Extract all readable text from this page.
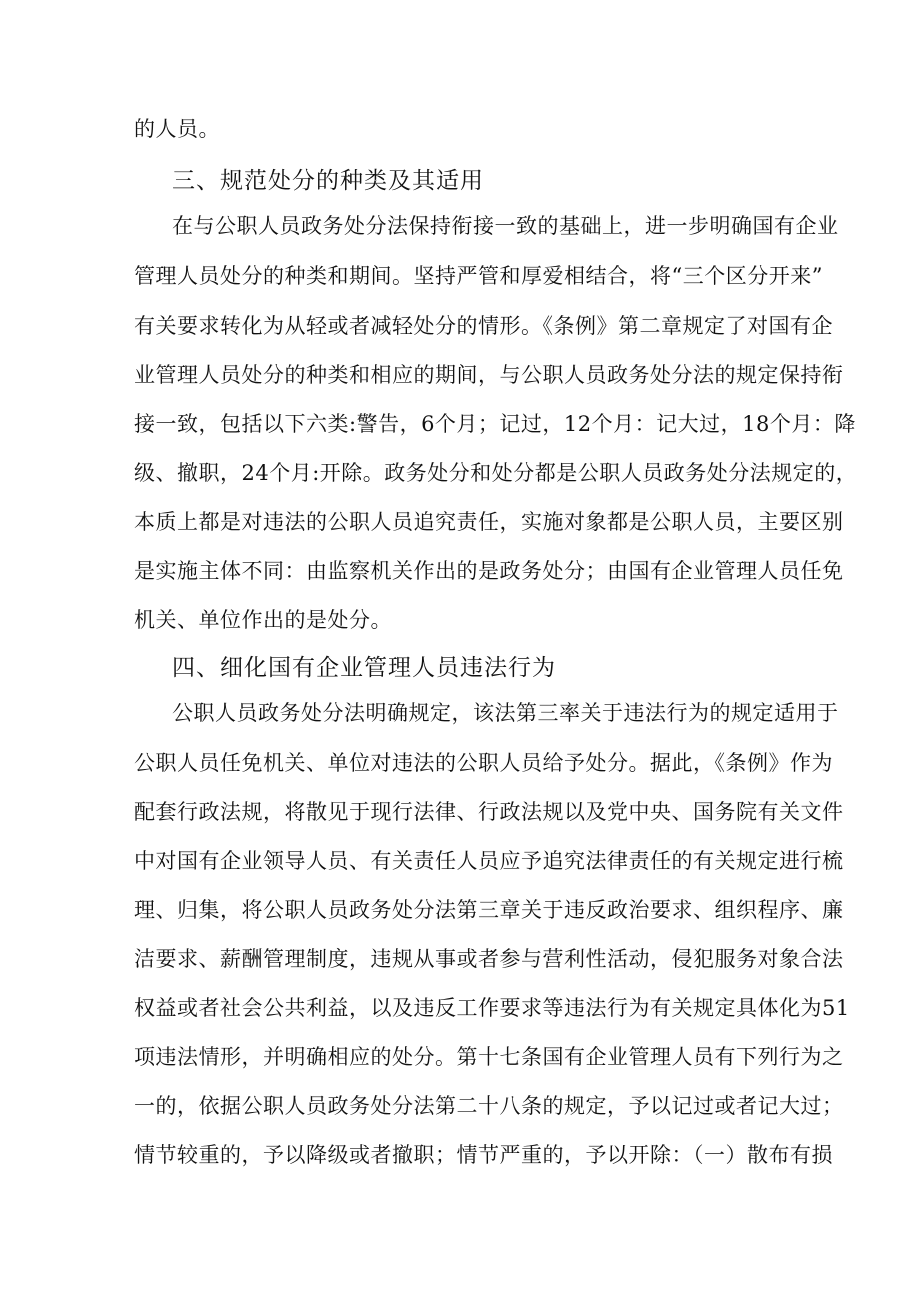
的人员。
三、规范处分的种类及其适用
在与公职人员政务处分法保持衔接一致的基础上，进一步明确国有企业
管理人员处分的种类和期间。坚持严管和厚爱相结合，将“三个区分开来”
有关要求转化为从轻或者减轻处分的情形。《条例》第二章规定了对国有企
业管理人员处分的种类和相应的期间，与公职人员政务处分法的规定保持衔
接一致，包括以下六类:警告，6个月；记过，12个月：记大过，18个月：降
级、撤职，24个月:开除。政务处分和处分都是公职人员政务处分法规定的，
本质上都是对违法的公职人员追究责任，实施对象都是公职人员，主要区别
是实施主体不同：由监察机关作出的是政务处分；由国有企业管理人员任免
机关、单位作出的是处分。
四、细化国有企业管理人员违法行为
公职人员政务处分法明确规定，该法第三率关于违法行为的规定适用于
公职人员任免机关、单位对违法的公职人员给予处分。据此，《条例》作为
配套行政法规，将散见于现行法律、行政法规以及党中央、国务院有关文件
中对国有企业领导人员、有关责任人员应予追究法律责任的有关规定进行梳
理、归集，将公职人员政务处分法第三章关于违反政治要求、组织程序、廉
洁要求、薪酬管理制度，违规从事或者参与营利性活动，侵犯服务对象合法
权益或者社会公共利益，以及违反工作要求等违法行为有关规定具体化为51
项违法情形，并明确相应的处分。第十七条国有企业管理人员有下列行为之
一的，依据公职人员政务处分法第二十八条的规定，予以记过或者记大过；
情节较重的，予以降级或者撤职；情节严重的，予以开除：（一）散布有损
